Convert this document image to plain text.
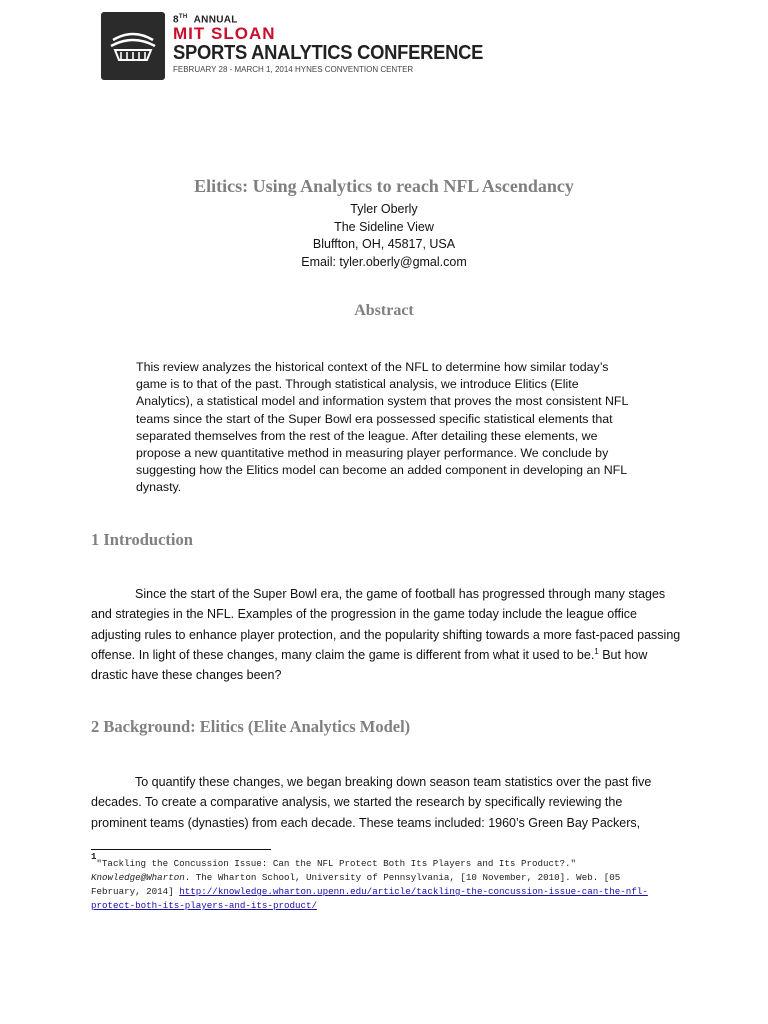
8TH ANNUAL
MIT SLOAN
SPORTS ANALYTICS CONFERENCE
FEBRUARY 28 - MARCH 1, 2014 HYNES CONVENTION CENTER
Elitics: Using Analytics to reach NFL Ascendancy
Tyler Oberly
The Sideline View
Bluffton, OH, 45817, USA
Email: tyler.oberly@gmal.com
Abstract
This review analyzes the historical context of the NFL to determine how similar today’s game is to that of the past. Through statistical analysis, we introduce Elitics (Elite Analytics), a statistical model and information system that proves the most consistent NFL teams since the start of the Super Bowl era possessed specific statistical elements that separated themselves from the rest of the league. After detailing these elements, we propose a new quantitative method in measuring player performance. We conclude by suggesting how the Elitics model can become an added component in developing an NFL dynasty.
1 Introduction
Since the start of the Super Bowl era, the game of football has progressed through many stages and strategies in the NFL. Examples of the progression in the game today include the league office adjusting rules to enhance player protection, and the popularity shifting towards a more fast-paced passing offense. In light of these changes, many claim the game is different from what it used to be.$^1$ But how drastic have these changes been?
2 Background: Elitics (Elite Analytics Model)
To quantify these changes, we began breaking down season team statistics over the past five decades. To create a comparative analysis, we started the research by specifically reviewing the prominent teams (dynasties) from each decade. These teams included: 1960’s Green Bay Packers,
$^1$"Tackling the Concussion Issue: Can the NFL Protect Both Its Players and Its Product?." Knowledge@Wharton. The Wharton School, University of Pennsylvania, [10 November, 2010]. Web. [05 February, 2014] http://knowledge.wharton.upenn.edu/article/tackling-the-concussion-issue-can-the-nfl-protect-both-its-players-and-its-product/
